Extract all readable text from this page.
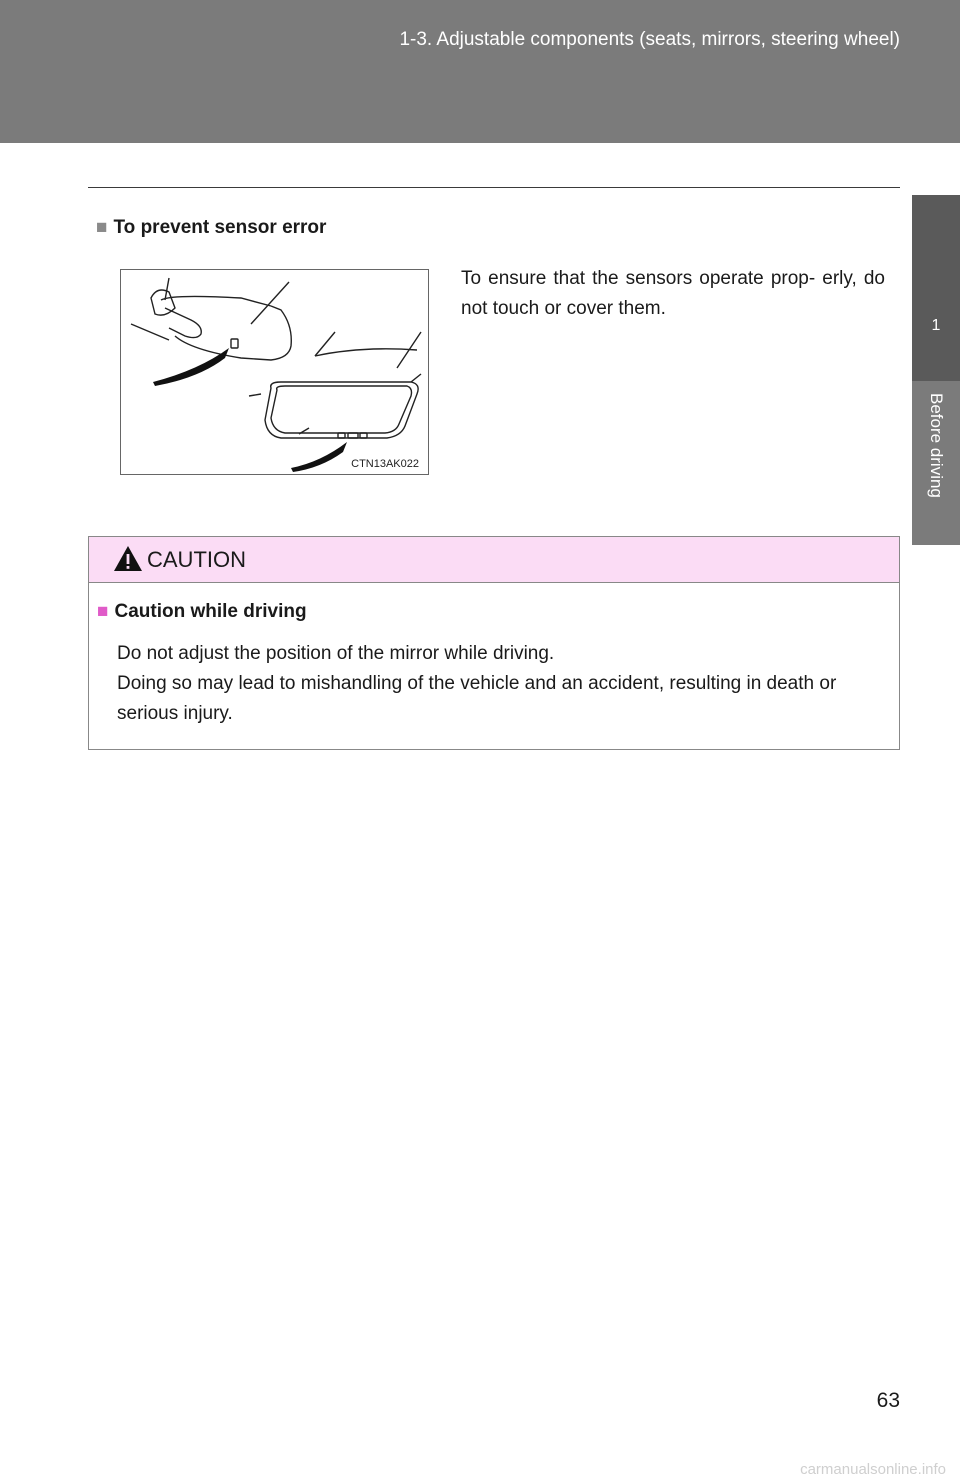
1-3. Adjustable components (seats, mirrors, steering wheel)
1
Before driving
■ To prevent sensor error
CTN13AK022
To ensure that the sensors operate prop- erly, do not touch or cover them.
CAUTION
■ Caution while driving
Do not adjust the position of the mirror while driving.
Doing so may lead to mishandling of the vehicle and an accident, resulting in death or serious injury.
63
carmanualsonline.info
